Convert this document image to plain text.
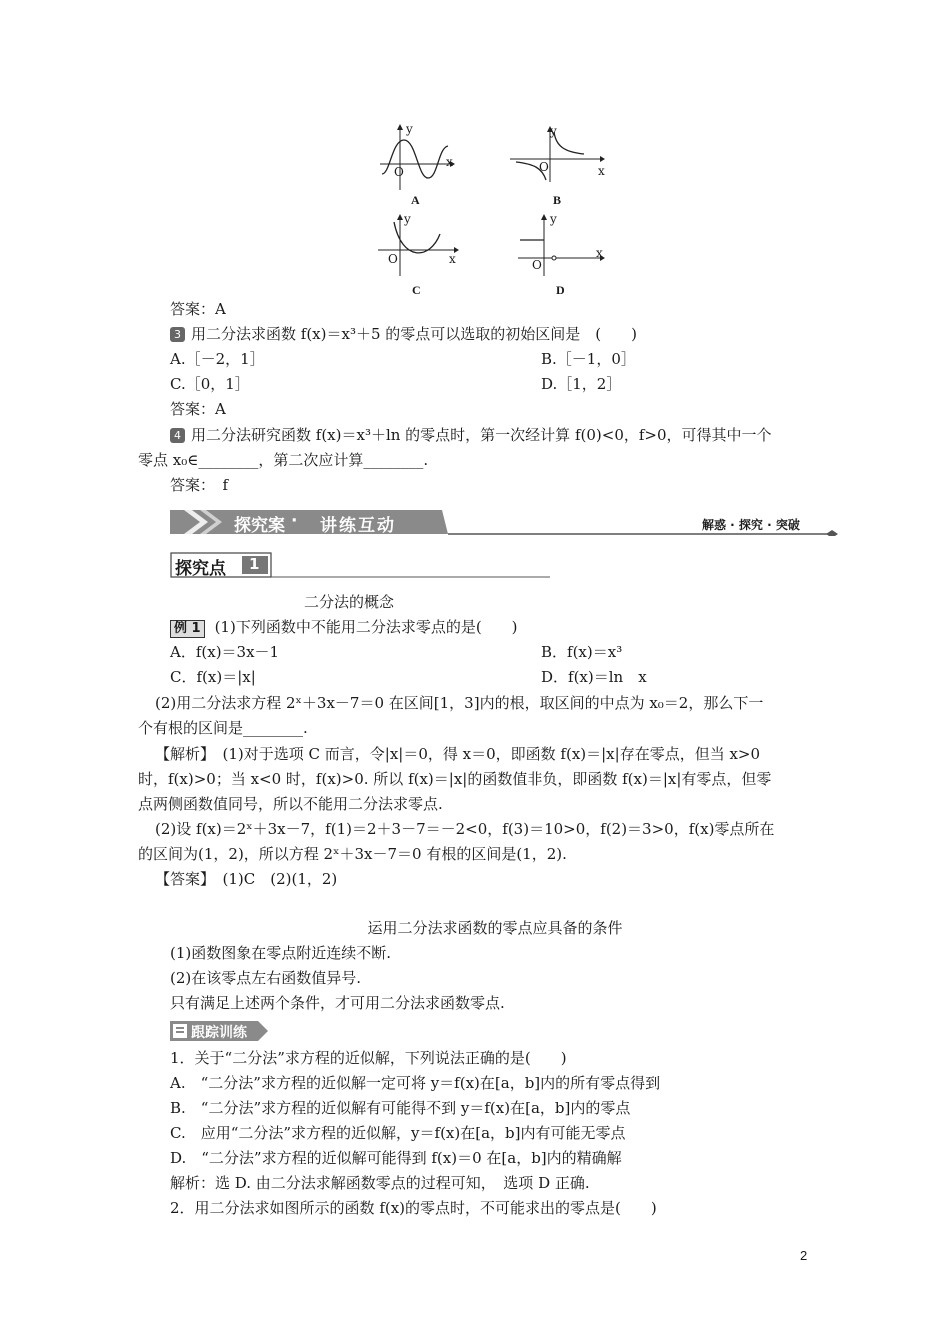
y
x
O
A
y
x
O
B
y
x
O
C
y
x
O
D
答案：A
3 用二分法求函数 f(x)＝x³＋5 的零点可以选取的初始区间是　(　　)
A.［－2，1］	B.［－1，0］
C.［0，1］	D.［1，2］
答案：A
4 用二分法研究函数 f(x)＝x³＋ln 的零点时，第一次经计算 f(0)<0，f>0，可得其中一个
零点 x₀∈________，第二次应计算________.
答案：　f
探究案 · 讲练互动	解惑 · 探究 · 突破
探究点 1
二分法的概念
例 1 (1)下列函数中不能用二分法求零点的是(　　)
A．f(x)＝3x－1	B．f(x)＝x³
C．f(x)＝|x|	D．f(x)＝ln　x
(2)用二分法求方程 2ˣ＋3x－7＝0 在区间[1，3]内的根，取区间的中点为 x₀＝2，那么下一
个有根的区间是________.
【解析】　(1)对于选项 C 而言，令|x|＝0，得 x＝0，即函数 f(x)＝|x|存在零点，但当 x>0
时，f(x)>0；当 x<0 时，f(x)>0. 所以 f(x)＝|x|的函数值非负，即函数 f(x)＝|x|有零点，但零
点两侧函数值同号，所以不能用二分法求零点.
(2)设 f(x)＝2ˣ＋3x－7，f(1)＝2＋3－7＝－2<0，f(3)＝10>0，f(2)＝3>0，f(x)零点所在
的区间为(1，2)，所以方程 2ˣ＋3x－7＝0 有根的区间是(1，2).
【答案】　(1)C　(2)(1，2)
运用二分法求函数的零点应具备的条件
(1)函数图象在零点附近连续不断.
(2)在该零点左右函数值异号.
只有满足上述两个条件，才可用二分法求函数零点.
跟踪训练
1．关于“二分法”求方程的近似解，下列说法正确的是(　　)
A.　“二分法”求方程的近似解一定可将 y＝f(x)在[a，b]内的所有零点得到
B.　“二分法”求方程的近似解有可能得不到 y＝f(x)在[a，b]内的零点
C.　应用“二分法”求方程的近似解，y＝f(x)在[a，b]内有可能无零点
D.　“二分法”求方程的近似解可能得到 f(x)＝0 在[a，b]内的精确解
解析：选 D. 由二分法求解函数零点的过程可知，　选项 D 正确.
2．用二分法求如图所示的函数 f(x)的零点时，不可能求出的零点是(　　)
2
